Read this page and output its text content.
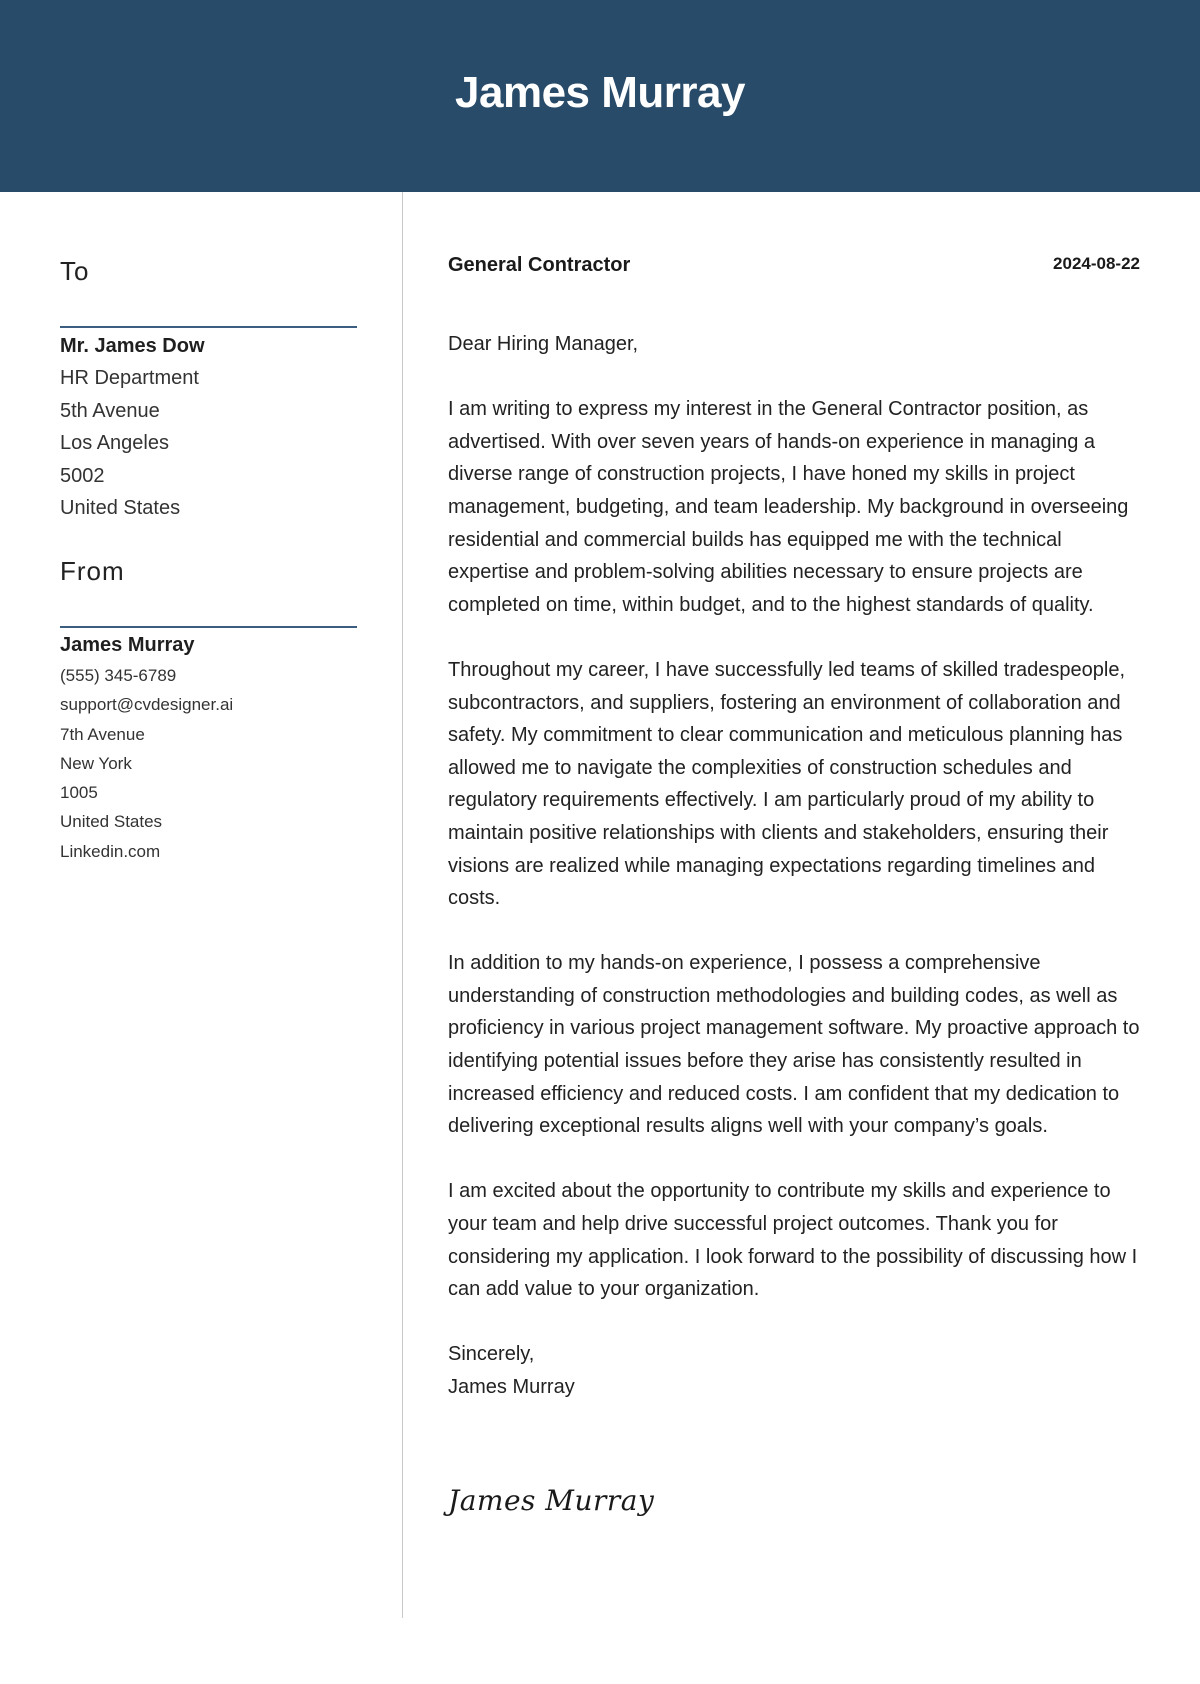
James Murray
To
Mr. James Dow
HR Department
5th Avenue
Los Angeles
5002
United States
From
James Murray
(555) 345-6789
support@cvdesigner.ai
7th Avenue
New York
1005
United States
Linkedin.com
General Contractor	2024-08-22

Dear Hiring Manager,

I am writing to express my interest in the General Contractor position, as advertised. With over seven years of hands-on experience in managing a diverse range of construction projects, I have honed my skills in project management, budgeting, and team leadership. My background in overseeing residential and commercial builds has equipped me with the technical expertise and problem-solving abilities necessary to ensure projects are completed on time, within budget, and to the highest standards of quality.

Throughout my career, I have successfully led teams of skilled tradespeople, subcontractors, and suppliers, fostering an environment of collaboration and safety. My commitment to clear communication and meticulous planning has allowed me to navigate the complexities of construction schedules and regulatory requirements effectively. I am particularly proud of my ability to maintain positive relationships with clients and stakeholders, ensuring their visions are realized while managing expectations regarding timelines and costs.

In addition to my hands-on experience, I possess a comprehensive understanding of construction methodologies and building codes, as well as proficiency in various project management software. My proactive approach to identifying potential issues before they arise has consistently resulted in increased efficiency and reduced costs. I am confident that my dedication to delivering exceptional results aligns well with your company’s goals.

I am excited about the opportunity to contribute my skills and experience to your team and help drive successful project outcomes. Thank you for considering my application. I look forward to the possibility of discussing how I can add value to your organization.

Sincerely,
James Murray
James Murray
